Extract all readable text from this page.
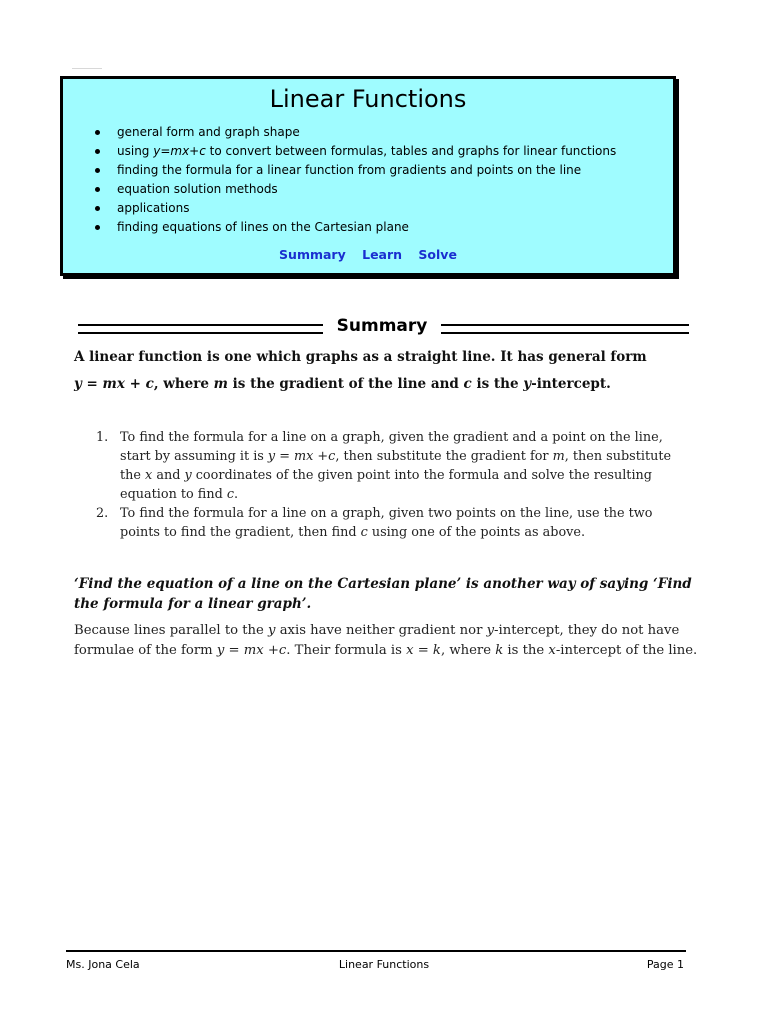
Linear Functions
general form and graph shape
using y=mx+c to convert between formulas, tables and graphs for linear functions
finding the formula for a linear function from gradients and points on the line
equation solution methods
applications
finding equations of lines on the Cartesian plane
Summary Learn Solve
Summary
A linear function is one which graphs as a straight line. It has general form
y = mx + c, where m is the gradient of the line and c is the y-intercept.
1. To find the formula for a line on a graph, given the gradient and a point on the line, start by assuming it is y = mx +c, then substitute the gradient for m, then substitute the x and y coordinates of the given point into the formula and solve the resulting equation to find c.
2. To find the formula for a line on a graph, given two points on the line, use the two points to find the gradient, then find c using one of the points as above.
‘Find the equation of a line on the Cartesian plane’ is another way of saying ‘Find the formula for a linear graph’.
Because lines parallel to the y axis have neither gradient nor y-intercept, they do not have formulae of the form y = mx +c. Their formula is x = k, where k is the x-intercept of the line.
Ms. Jona Cela	Linear Functions	Page 1
